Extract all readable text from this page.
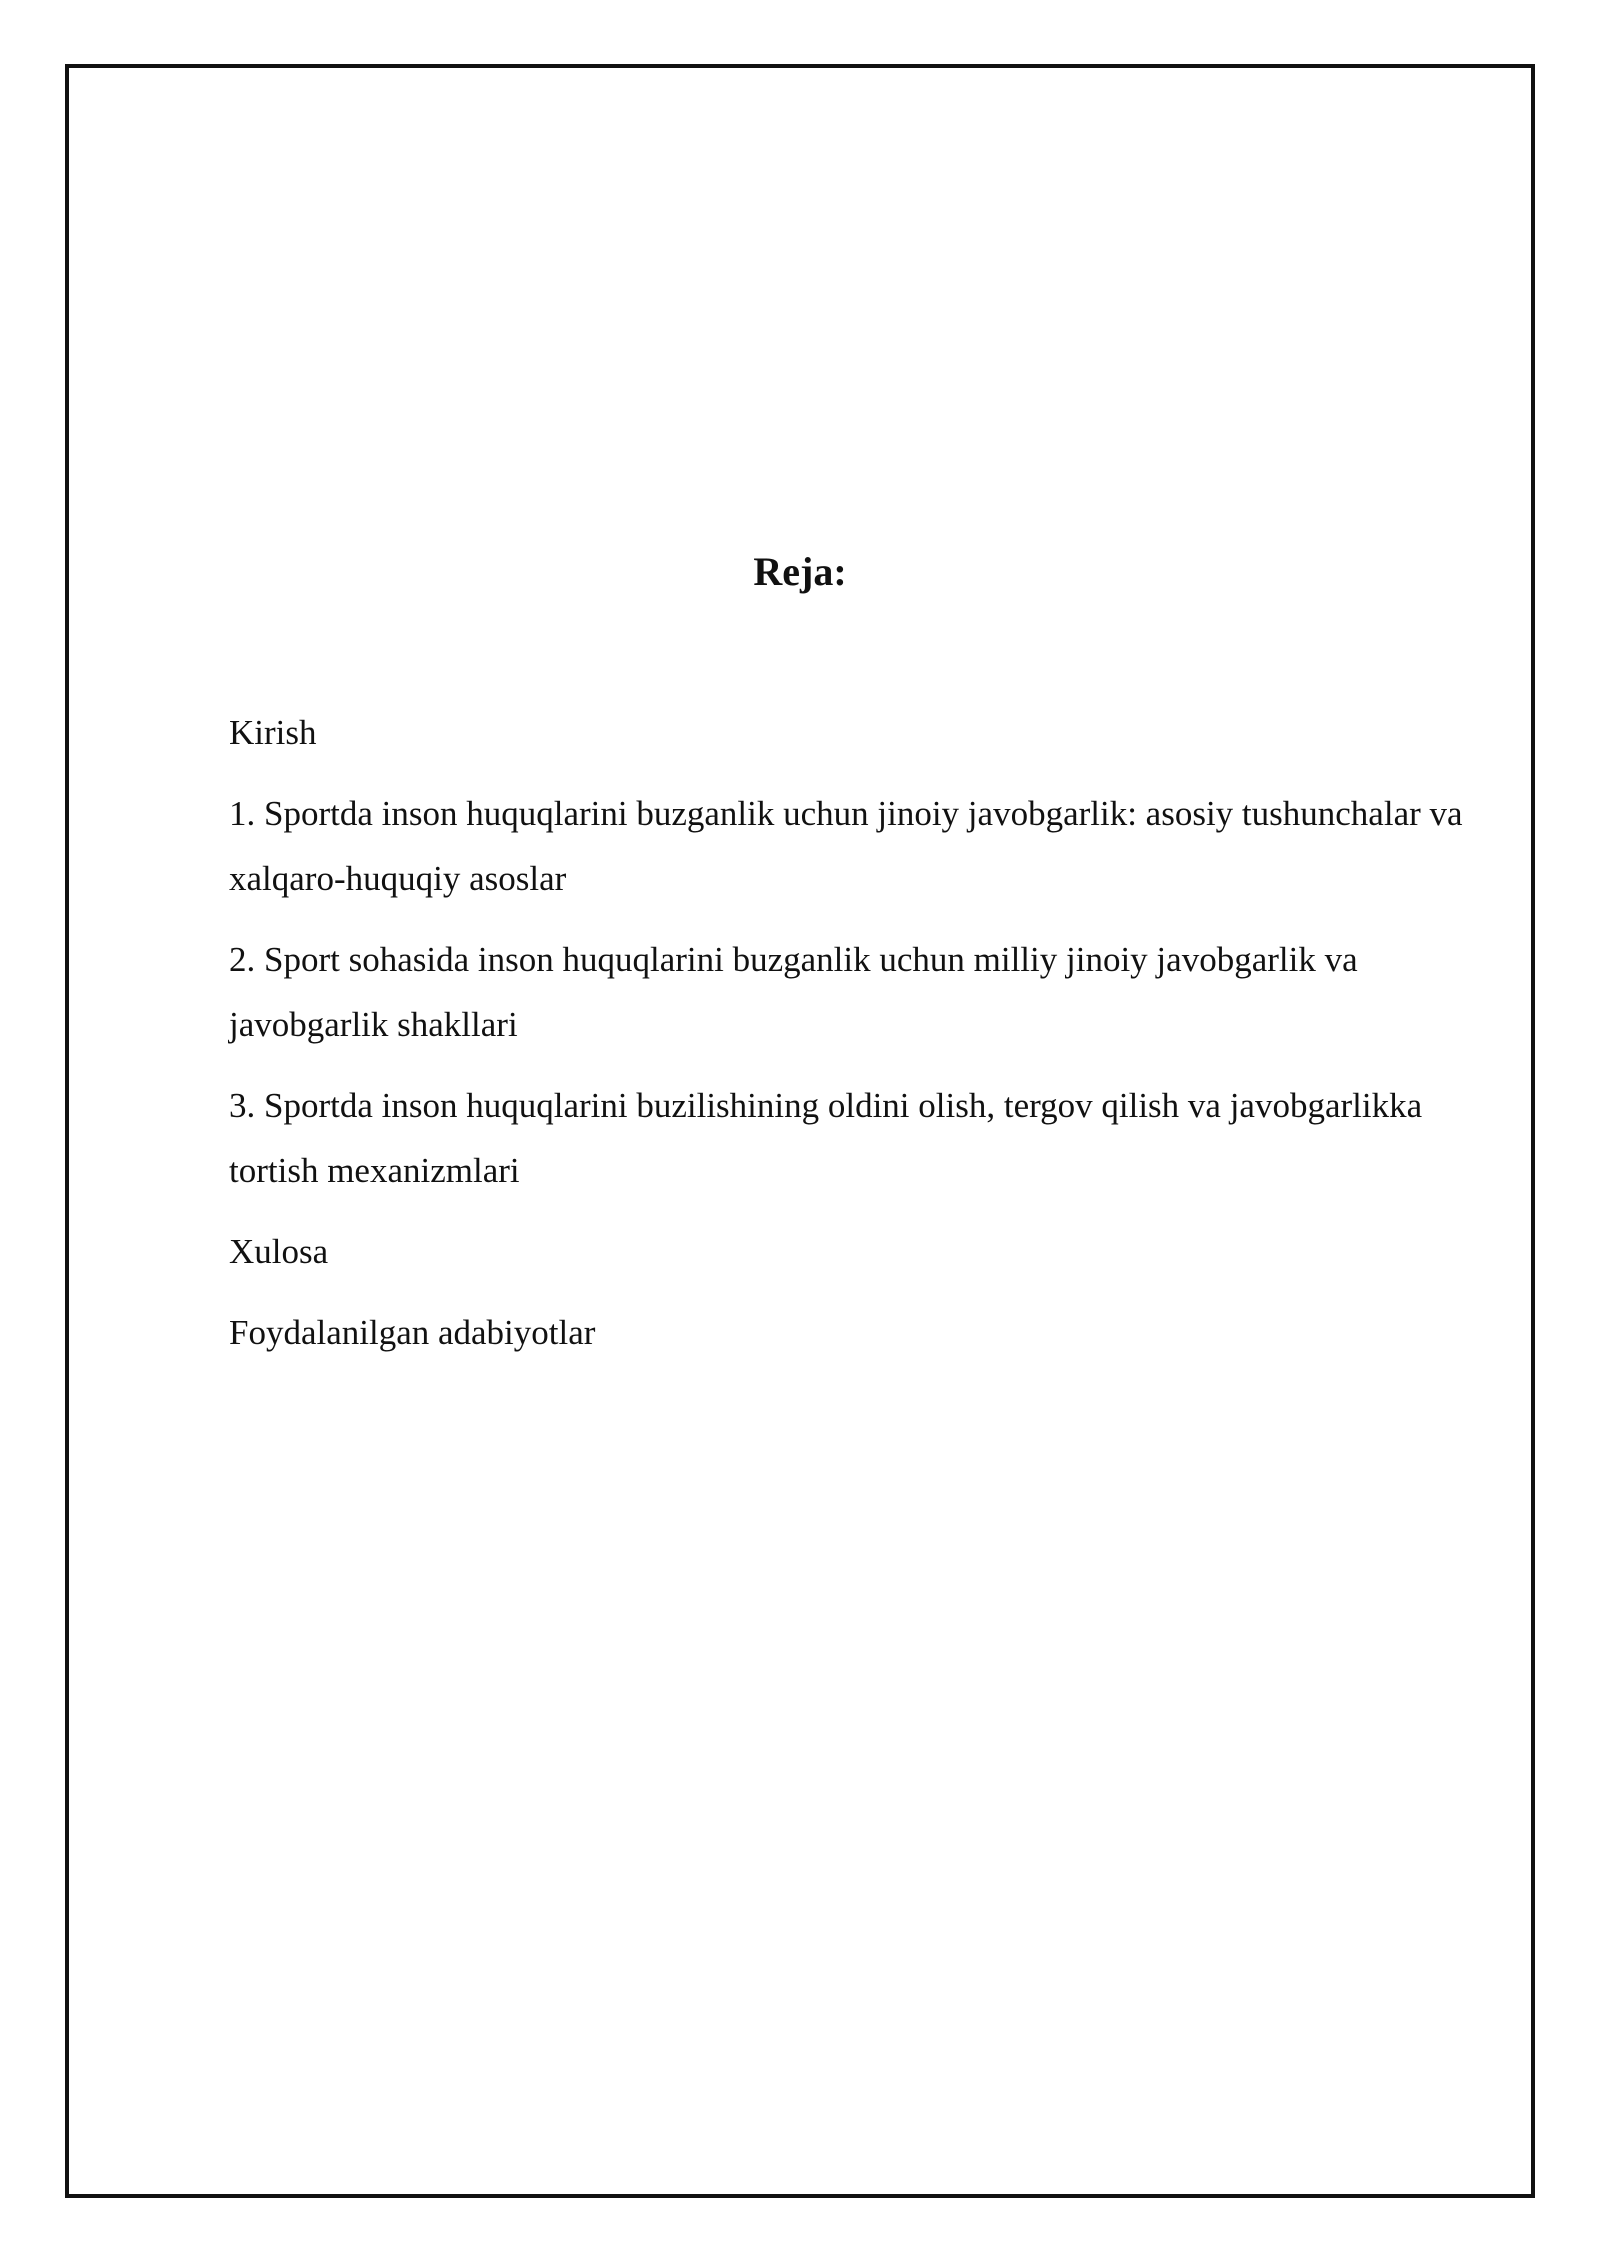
Reja:

Kirish

1. Sportda inson huquqlarini buzganlik uchun jinoiy javobgarlik: asosiy tushunchalar va xalqaro-huquqiy asoslar

2. Sport sohasida inson huquqlarini buzganlik uchun milliy jinoiy javobgarlik va javobgarlik shakllari

3. Sportda inson huquqlarini buzilishining oldini olish, tergov qilish va javobgarlikka tortish mexanizmlari

Xulosa

Foydalanilgan adabiyotlar
